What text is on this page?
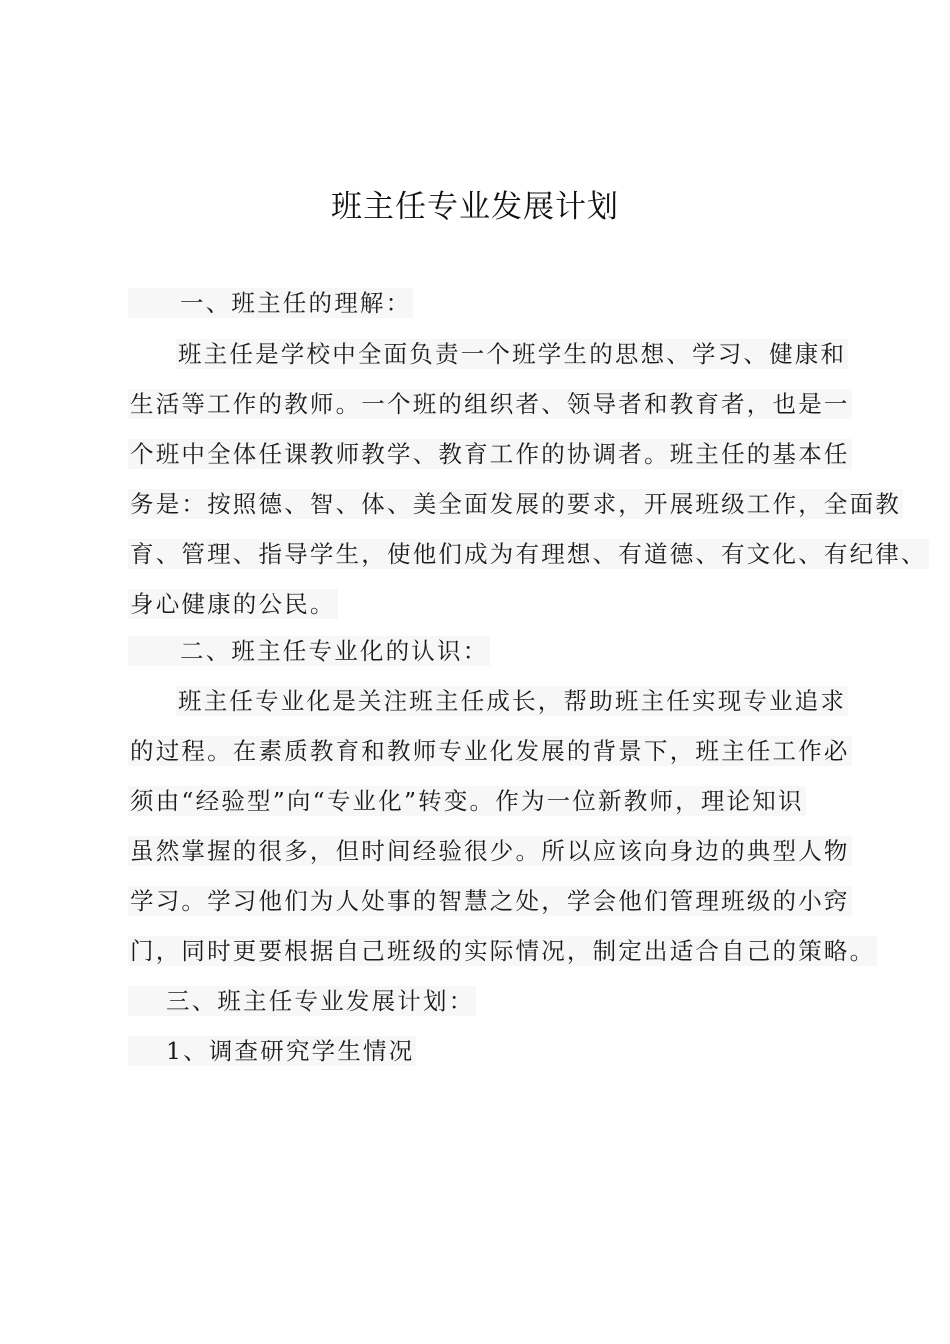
班主任专业发展计划
一、班主任的理解：
班主任是学校中全面负责一个班学生的思想、学习、健康和
生活等工作的教师。一个班的组织者、领导者和教育者，也是一
个班中全体任课教师教学、教育工作的协调者。班主任的基本任
务是：按照德、智、体、美全面发展的要求，开展班级工作，全面教
育、管理、指导学生，使他们成为有理想、有道德、有文化、有纪律、
身心健康的公民。
二、班主任专业化的认识：
班主任专业化是关注班主任成长，帮助班主任实现专业追求
的过程。在素质教育和教师专业化发展的背景下，班主任工作必
须由“经验型”向“专业化”转变。作为一位新教师，理论知识
虽然掌握的很多，但时间经验很少。所以应该向身边的典型人物
学习。学习他们为人处事的智慧之处，学会他们管理班级的小窍
门，同时更要根据自己班级的实际情况，制定出适合自己的策略。
三、班主任专业发展计划：
1、调查研究学生情况
